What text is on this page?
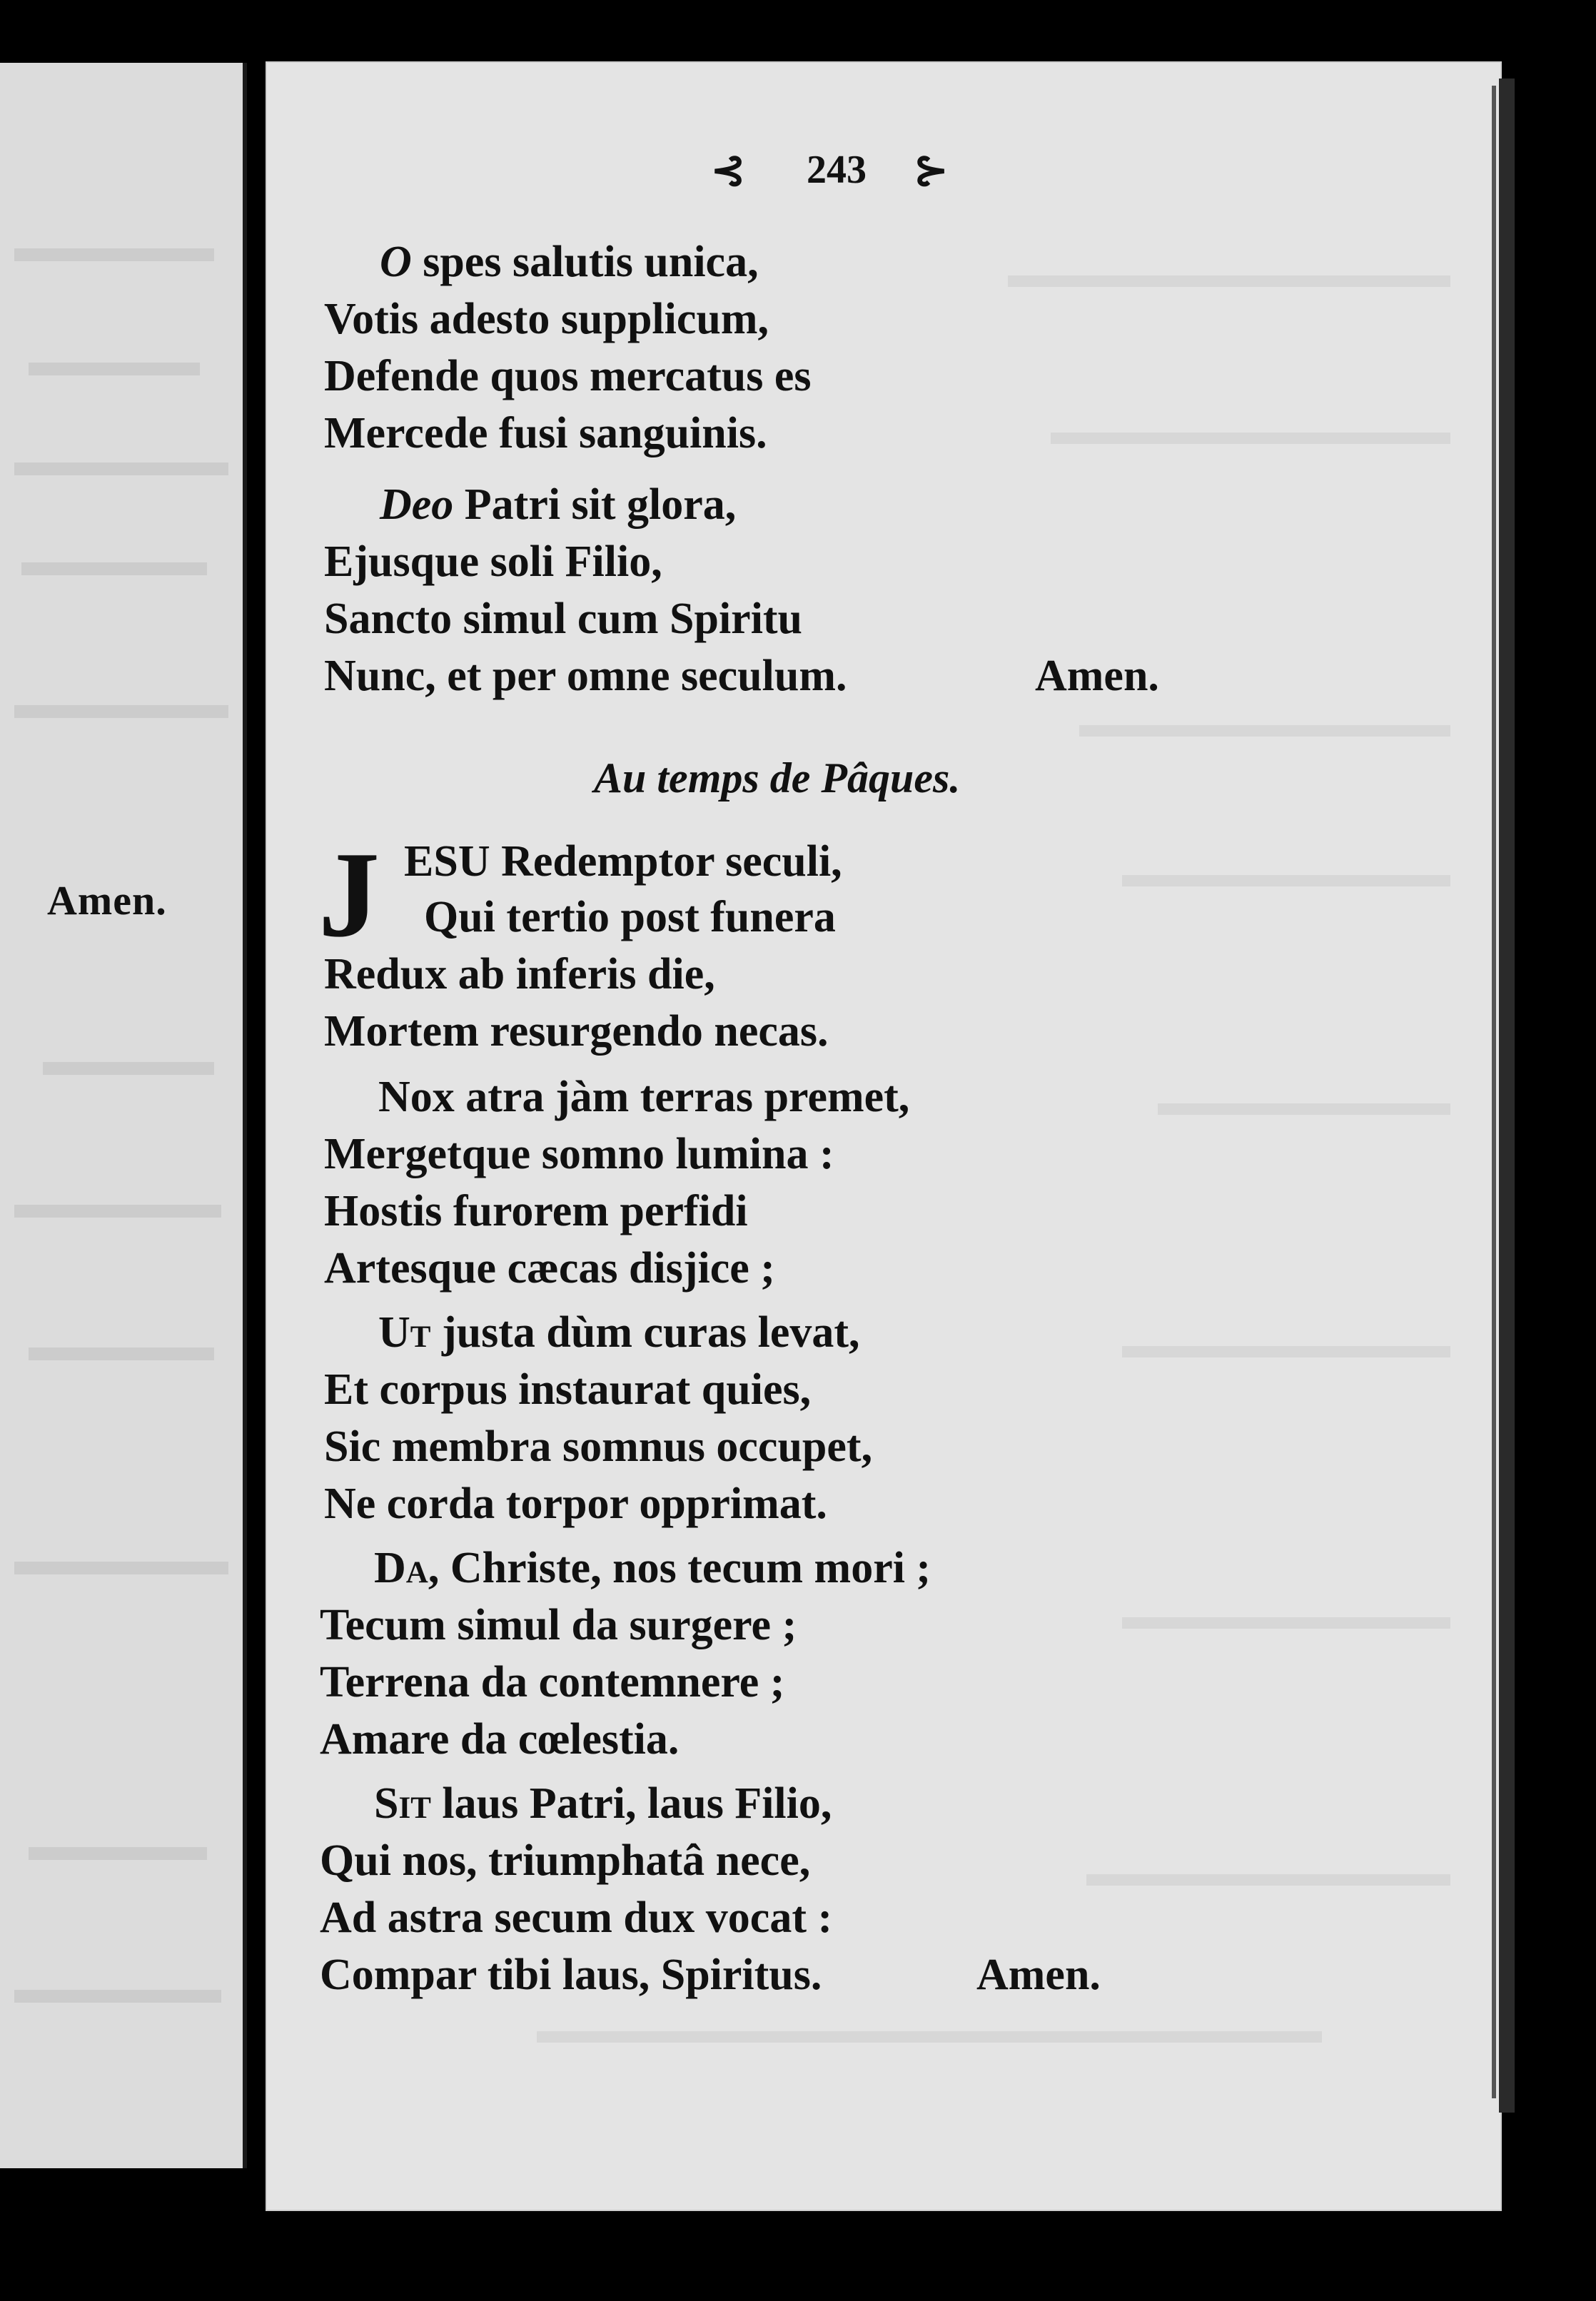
Amen.
⊰ 243 ⊱
O spes salutis unica,
Votis adesto supplicum,
Defende quos mercatus es
Mercede fusi sanguinis.
Deo Patri sit glora,
Ejusque soli Filio,
Sancto simul cum Spiritu
Nunc, et per omne seculum.	Amen.
Au temps de Pâques.
J ESU Redemptor seculi,
Qui tertio post funera
Redux ab inferis die,
Mortem resurgendo necas.
Nox atra jàm terras premet,
Mergetque somno lumina :
Hostis furorem perfidi
Artesque cæcas disjice ;
Ut justa dùm curas levat,
Et corpus instaurat quies,
Sic membra somnus occupet,
Ne corda torpor opprimat.
Da, Christe, nos tecum mori ;
Tecum simul da surgere ;
Terrena da contemnere ;
Amare da cœlestia.
Sit laus Patri, laus Filio,
Qui nos, triumphatâ nece,
Ad astra secum dux vocat :
Compar tibi laus, Spiritus.	Amen.
